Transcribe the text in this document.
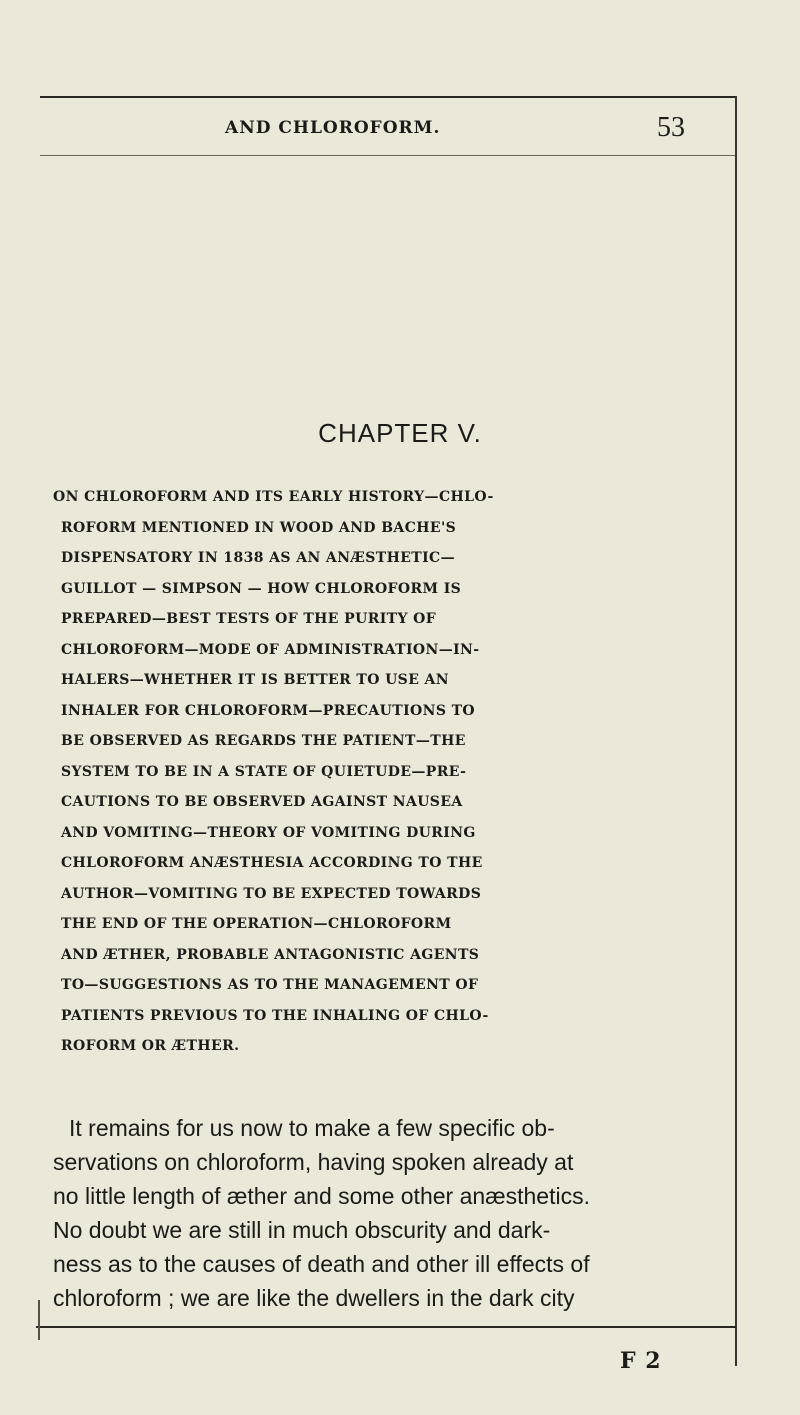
AND CHLOROFORM.	53
CHAPTER V.
ON CHLOROFORM AND ITS EARLY HISTORY—CHLO-
ROFORM MENTIONED IN WOOD AND BACHE'S
DISPENSATORY IN 1838 AS AN ANÆSTHETIC—
GUILLOT — SIMPSON — HOW CHLOROFORM IS
PREPARED—BEST TESTS OF THE PURITY OF
CHLOROFORM—MODE OF ADMINISTRATION—IN-
HALERS—WHETHER IT IS BETTER TO USE AN
INHALER FOR CHLOROFORM—PRECAUTIONS TO
BE OBSERVED AS REGARDS THE PATIENT—THE
SYSTEM TO BE IN A STATE OF QUIETUDE—PRE-
CAUTIONS TO BE OBSERVED AGAINST NAUSEA
AND VOMITING—THEORY OF VOMITING DURING
CHLOROFORM ANÆSTHESIA ACCORDING TO THE
AUTHOR—VOMITING TO BE EXPECTED TOWARDS
THE END OF THE OPERATION—CHLOROFORM
AND ÆTHER, PROBABLE ANTAGONISTIC AGENTS
TO—SUGGESTIONS AS TO THE MANAGEMENT OF
PATIENTS PREVIOUS TO THE INHALING OF CHLO-
ROFORM OR ÆTHER.
It remains for us now to make a few specific ob-
servations on chloroform, having spoken already at
no little length of æther and some other anæsthetics.
No doubt we are still in much obscurity and dark-
ness as to the causes of death and other ill effects of
chloroform ; we are like the dwellers in the dark city
F 2
